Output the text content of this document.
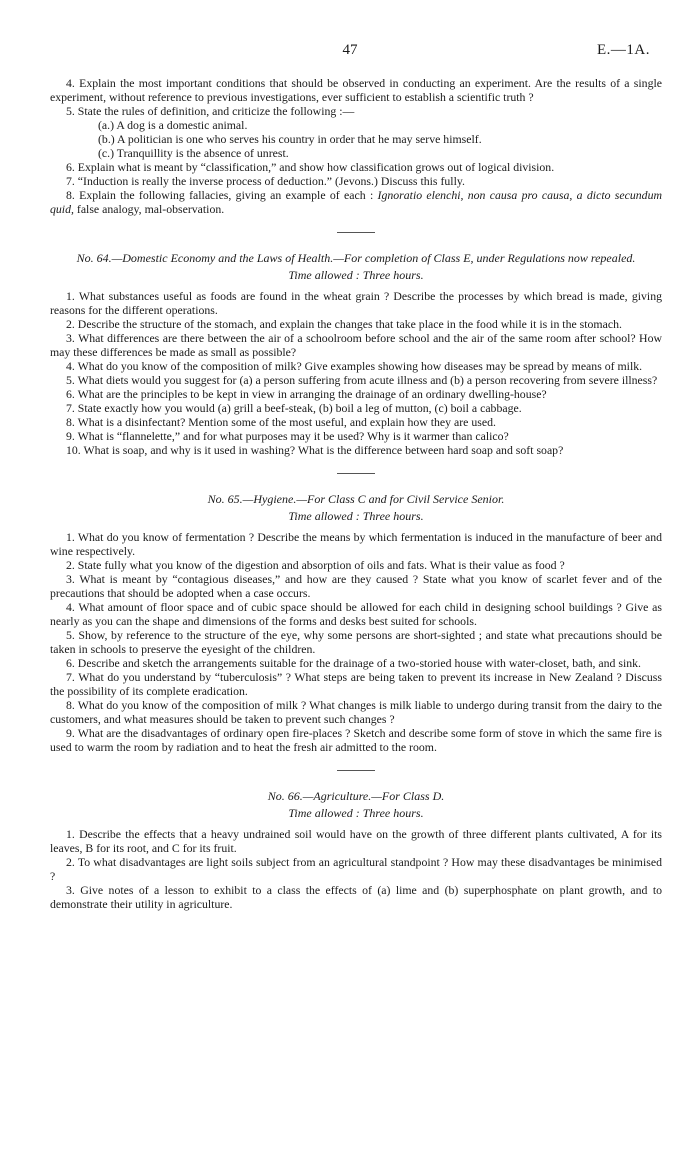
47	E.—1A.

4. Explain the most important conditions that should be observed in conducting an experiment. Are the results of a single experiment, without reference to previous investigations, ever sufficient to establish a scientific truth ?

5. State the rules of definition, and criticize the following :—

(a.) A dog is a domestic animal.

(b.) A politician is one who serves his country in order that he may serve himself.

(c.) Tranquillity is the absence of unrest.

6. Explain what is meant by “classification,” and show how classification grows out of logical division.

7. “Induction is really the inverse process of deduction.” (Jevons.) Discuss this fully.

8. Explain the following fallacies, giving an example of each : Ignoratio elenchi, non causa pro causa, a dicto secundum quid, false analogy, mal-observation.

No. 64.—Domestic Economy and the Laws of Health.—For completion of Class E, under Regulations now repealed.

Time allowed : Three hours.

1. What substances useful as foods are found in the wheat grain ? Describe the processes by which bread is made, giving reasons for the different operations.

2. Describe the structure of the stomach, and explain the changes that take place in the food while it is in the stomach.

3. What differences are there between the air of a schoolroom before school and the air of the same room after school? How may these differences be made as small as possible?

4. What do you know of the composition of milk? Give examples showing how diseases may be spread by means of milk.

5. What diets would you suggest for (a) a person suffering from acute illness and (b) a person recovering from severe illness?

6. What are the principles to be kept in view in arranging the drainage of an ordinary dwelling-house?

7. State exactly how you would (a) grill a beef-steak, (b) boil a leg of mutton, (c) boil a cabbage.

8. What is a disinfectant? Mention some of the most useful, and explain how they are used.

9. What is “flannelette,” and for what purposes may it be used? Why is it warmer than calico?

10. What is soap, and why is it used in washing? What is the difference between hard soap and soft soap?

No. 65.—Hygiene.—For Class C and for Civil Service Senior.

Time allowed : Three hours.

1. What do you know of fermentation ? Describe the means by which fermentation is induced in the manufacture of beer and wine respectively.

2. State fully what you know of the digestion and absorption of oils and fats. What is their value as food ?

3. What is meant by “contagious diseases,” and how are they caused ? State what you know of scarlet fever and of the precautions that should be adopted when a case occurs.

4. What amount of floor space and of cubic space should be allowed for each child in designing school buildings ? Give as nearly as you can the shape and dimensions of the forms and desks best suited for schools.

5. Show, by reference to the structure of the eye, why some persons are short-sighted ; and state what precautions should be taken in schools to preserve the eyesight of the children.

6. Describe and sketch the arrangements suitable for the drainage of a two-storied house with water-closet, bath, and sink.

7. What do you understand by “tuberculosis” ? What steps are being taken to prevent its increase in New Zealand ? Discuss the possibility of its complete eradication.

8. What do you know of the composition of milk ? What changes is milk liable to undergo during transit from the dairy to the customers, and what measures should be taken to prevent such changes ?

9. What are the disadvantages of ordinary open fire-places ? Sketch and describe some form of stove in which the same fire is used to warm the room by radiation and to heat the fresh air admitted to the room.

No. 66.—Agriculture.—For Class D.

Time allowed : Three hours.

1. Describe the effects that a heavy undrained soil would have on the growth of three different plants cultivated, A for its leaves, B for its root, and C for its fruit.

2. To what disadvantages are light soils subject from an agricultural standpoint ? How may these disadvantages be minimised ?

3. Give notes of a lesson to exhibit to a class the effects of (a) lime and (b) superphosphate on plant growth, and to demonstrate their utility in agriculture.
